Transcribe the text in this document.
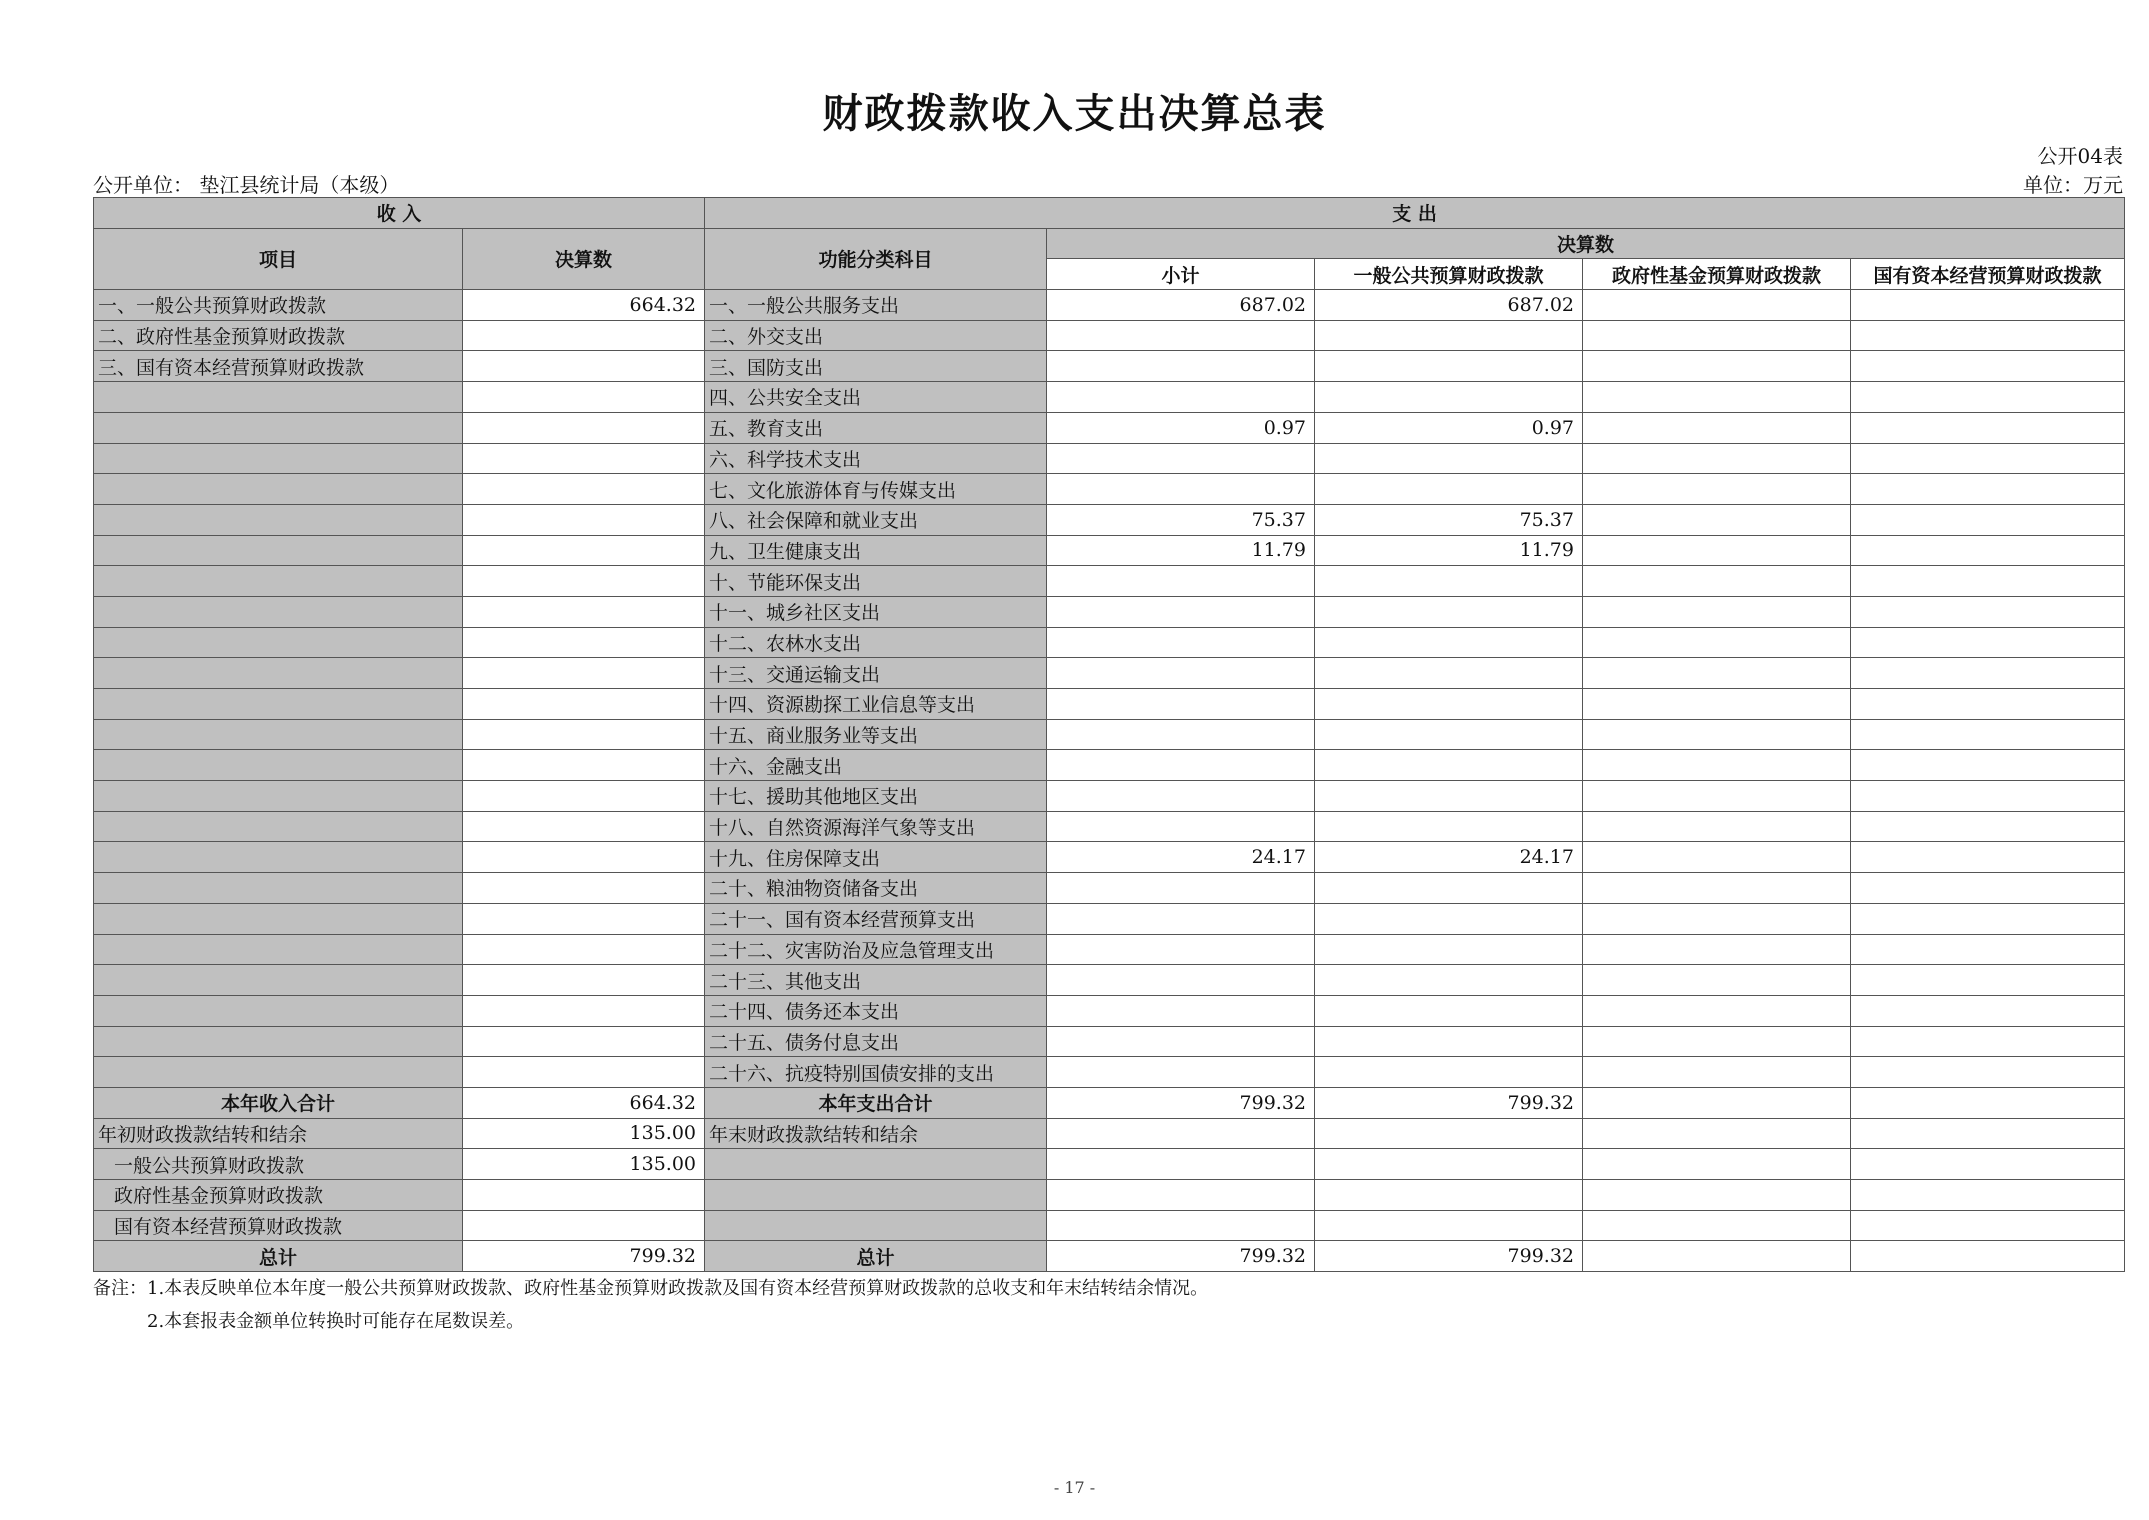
财政拨款收入支出决算总表
公开04表
公开单位： 垫江县统计局（本级）	单位：万元
收 入		支 出				
项目	决算数	功能分类科目	决算数			
			小计	一般公共预算财政拨款	政府性基金预算财政拨款	国有资本经营预算财政拨款
一、一般公共预算财政拨款	664.32	一、一般公共服务支出	687.02	687.02		
二、政府性基金预算财政拨款		二、外交支出				
三、国有资本经营预算财政拨款		三、国防支出				
		四、公共安全支出				
		五、教育支出	0.97	0.97		
		六、科学技术支出				
		七、文化旅游体育与传媒支出				
		八、社会保障和就业支出	75.37	75.37		
		九、卫生健康支出	11.79	11.79		
		十、节能环保支出				
		十一、城乡社区支出				
		十二、农林水支出				
		十三、交通运输支出				
		十四、资源勘探工业信息等支出				
		十五、商业服务业等支出				
		十六、金融支出				
		十七、援助其他地区支出				
		十八、自然资源海洋气象等支出				
		十九、住房保障支出	24.17	24.17		
		二十、粮油物资储备支出				
		二十一、国有资本经营预算支出				
		二十二、灾害防治及应急管理支出				
		二十三、其他支出				
		二十四、债务还本支出				
		二十五、债务付息支出				
		二十六、抗疫特别国债安排的支出				
本年收入合计	664.32	本年支出合计	799.32	799.32		
年初财政拨款结转和结余	135.00	年末财政拨款结转和结余				
一般公共预算财政拨款	135.00					
政府性基金预算财政拨款						
国有资本经营预算财政拨款						
总计	799.32	总计	799.32	799.32		
备注：1.本表反映单位本年度一般公共预算财政拨款、政府性基金预算财政拨款及国有资本经营预算财政拨款的总收支和年末结转结余情况。
2.本套报表金额单位转换时可能存在尾数误差。
- 17 -
